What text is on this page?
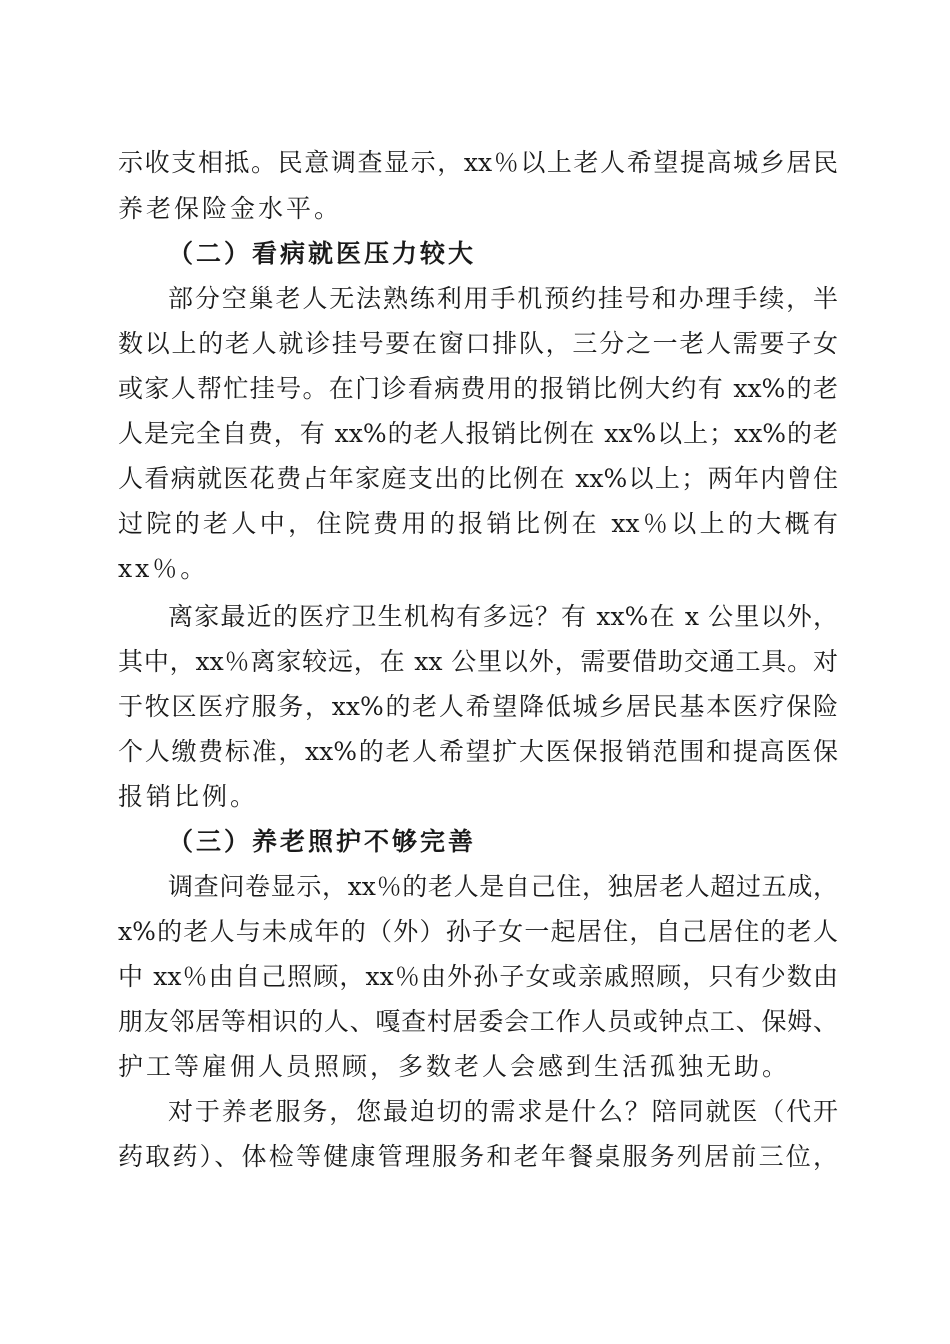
示收支相抵。民意调查显示，xx％以上老人希望提高城乡居民
养老保险金水平。
（二）看病就医压力较大
部分空巢老人无法熟练利用手机预约挂号和办理手续，半
数以上的老人就诊挂号要在窗口排队，三分之一老人需要子女
或家人帮忙挂号。在门诊看病费用的报销比例大约有 xx%的老
人是完全自费，有 xx%的老人报销比例在 xx%以上；xx%的老
人看病就医花费占年家庭支出的比例在 xx%以上；两年内曾住
过院的老人中，住院费用的报销比例在 xx％以上的大概有
xx％。
离家最近的医疗卫生机构有多远？有 xx%在 x 公里以外，
其中，xx％离家较远，在 xx 公里以外，需要借助交通工具。对
于牧区医疗服务，xx%的老人希望降低城乡居民基本医疗保险
个人缴费标准，xx%的老人希望扩大医保报销范围和提高医保
报销比例。
（三）养老照护不够完善
调查问卷显示，xx％的老人是自己住，独居老人超过五成，
x%的老人与未成年的（外）孙子女一起居住，自己居住的老人
中 xx％由自己照顾，xx％由外孙子女或亲戚照顾，只有少数由
朋友邻居等相识的人、嘎查村居委会工作人员或钟点工、保姆、
护工等雇佣人员照顾，多数老人会感到生活孤独无助。
对于养老服务，您最迫切的需求是什么？陪同就医（代开
药取药）、体检等健康管理服务和老年餐桌服务列居前三位，
